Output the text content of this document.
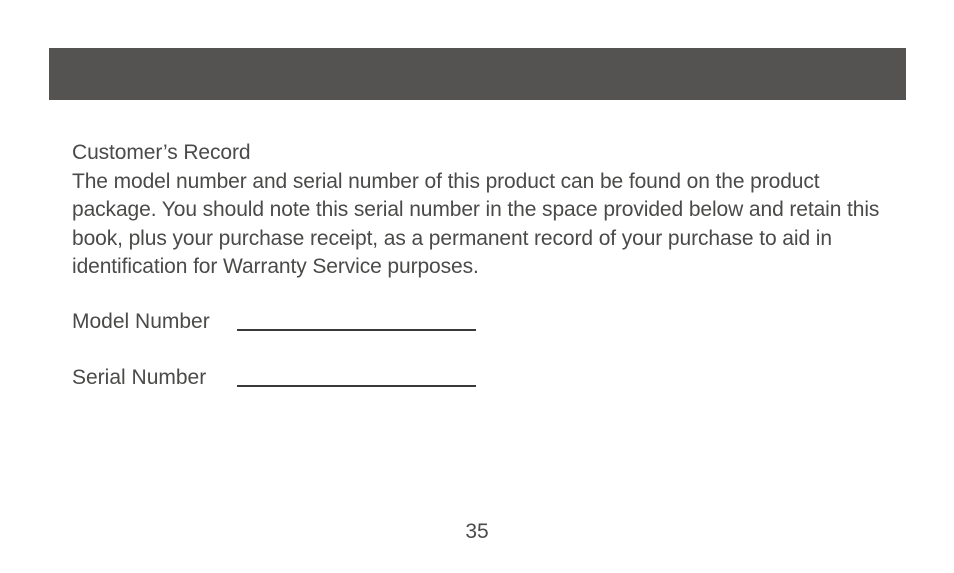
Customer’s Record

The model number and serial number of this product can be found on the product package. You should note this serial number in the space provided below and retain this book, plus your purchase receipt, as a permanent record of your purchase to aid in identification for Warranty Service purposes.

Model Number
Serial Number
35
